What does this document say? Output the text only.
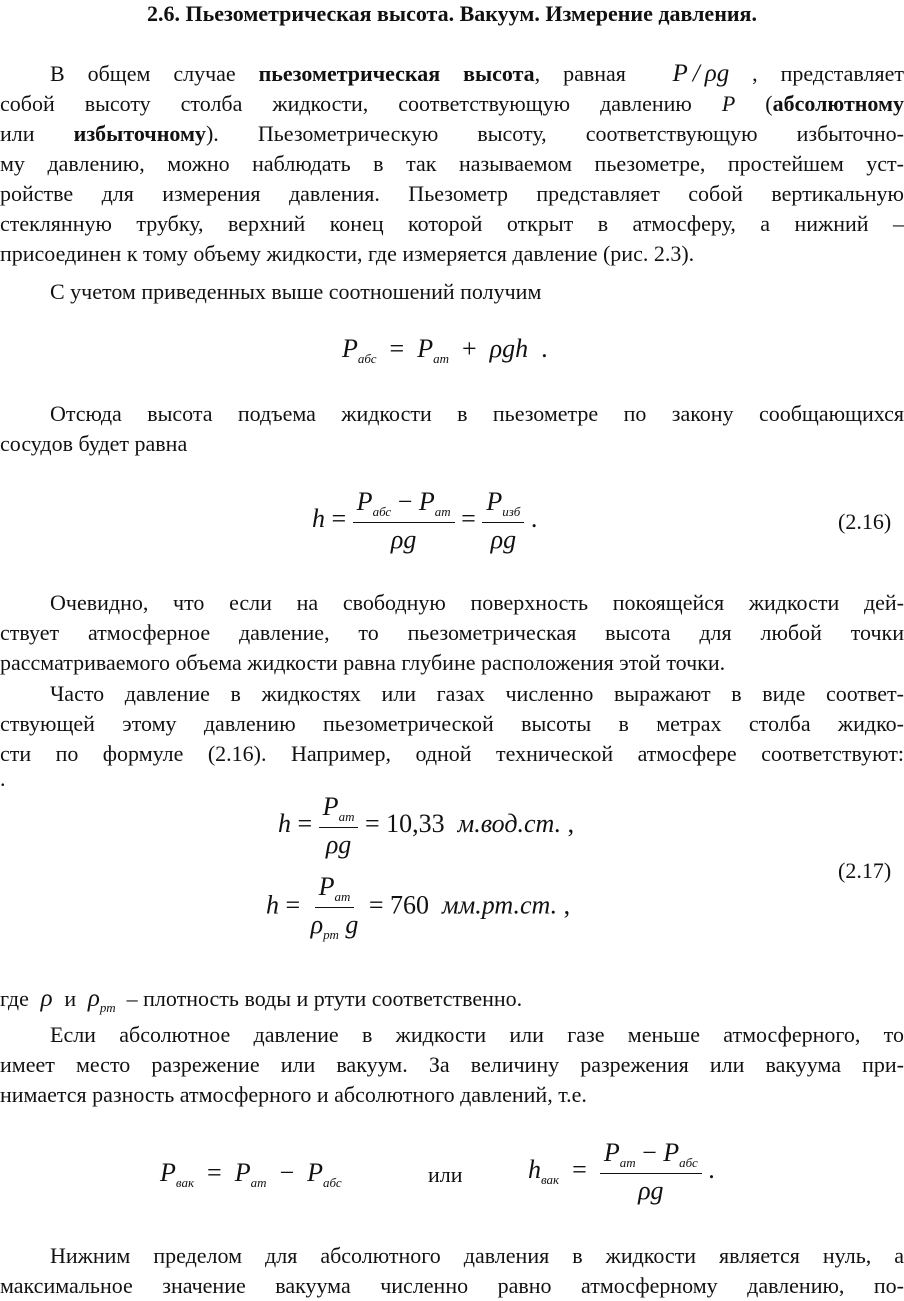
2.6. Пьезометрическая высота. Вакуум. Измерение давления.
В общем случае пьезометрическая высота, равная  P / ρg , представляет
собой высоту столба жидкости, соответствующую давлению P (абсолютному
или избыточному). Пьезометрическую высоту, соответствующую избыточно-
му давлению, можно наблюдать в так называемом пьезометре, простейшем уст-
ройстве для измерения давления. Пьезометр представляет собой вертикальную
стеклянную трубку, верхний конец которой открыт в атмосферу, а нижний –
присоединен к тому объему жидкости, где измеряется давление (рис. 2.3).
С учетом приведенных выше соотношений получим
$P_{абс} = P_{ат} + \rho gh$  .
Отсюда высота подъема жидкости в пьезометре по закону сообщающихся
сосудов будет равна
$h = \frac{P_{абс} - P_{ат}}{\rho g} = \frac{P_{изб}}{\rho g}$ .	(2.16)
Очевидно, что если на свободную поверхность покоящейся жидкости дей-
ствует атмосферное давление, то пьезометрическая высота для любой точки
рассматриваемого объема жидкости равна глубине расположения этой точки.
Часто давление в жидкостях или газах численно выражают в виде соответ-
ствующей этому давлению пьезометрической высоты в метрах столба жидко-
сти по формуле (2.16). Например, одной технической атмосфере соответствуют:
.
$h = \frac{P_{ат}}{\rho g} = 10,33$ м.вод.ст. ,
$h = \frac{P_{ат}}{\rho_{рт} g} = 760$ мм.рт.ст. ,
(2.17)
где  ρ  и  $\rho_{рт}$  – плотность воды и ртути соответственно.
Если абсолютное давление в жидкости или газе меньше атмосферного, то
имеет место разрежение или вакуум. За величину разрежения или вакуума при-
нимается разность атмосферного и абсолютного давлений, т.е.
$P_{вак} = P_{ат} - P_{абс}$	или	$h_{вак} = \frac{P_{ат} - P_{абс}}{\rho g}$ .
Нижним пределом для абсолютного давления в жидкости является нуль, а
максимальное значение вакуума численно равно атмосферному давлению, по-
